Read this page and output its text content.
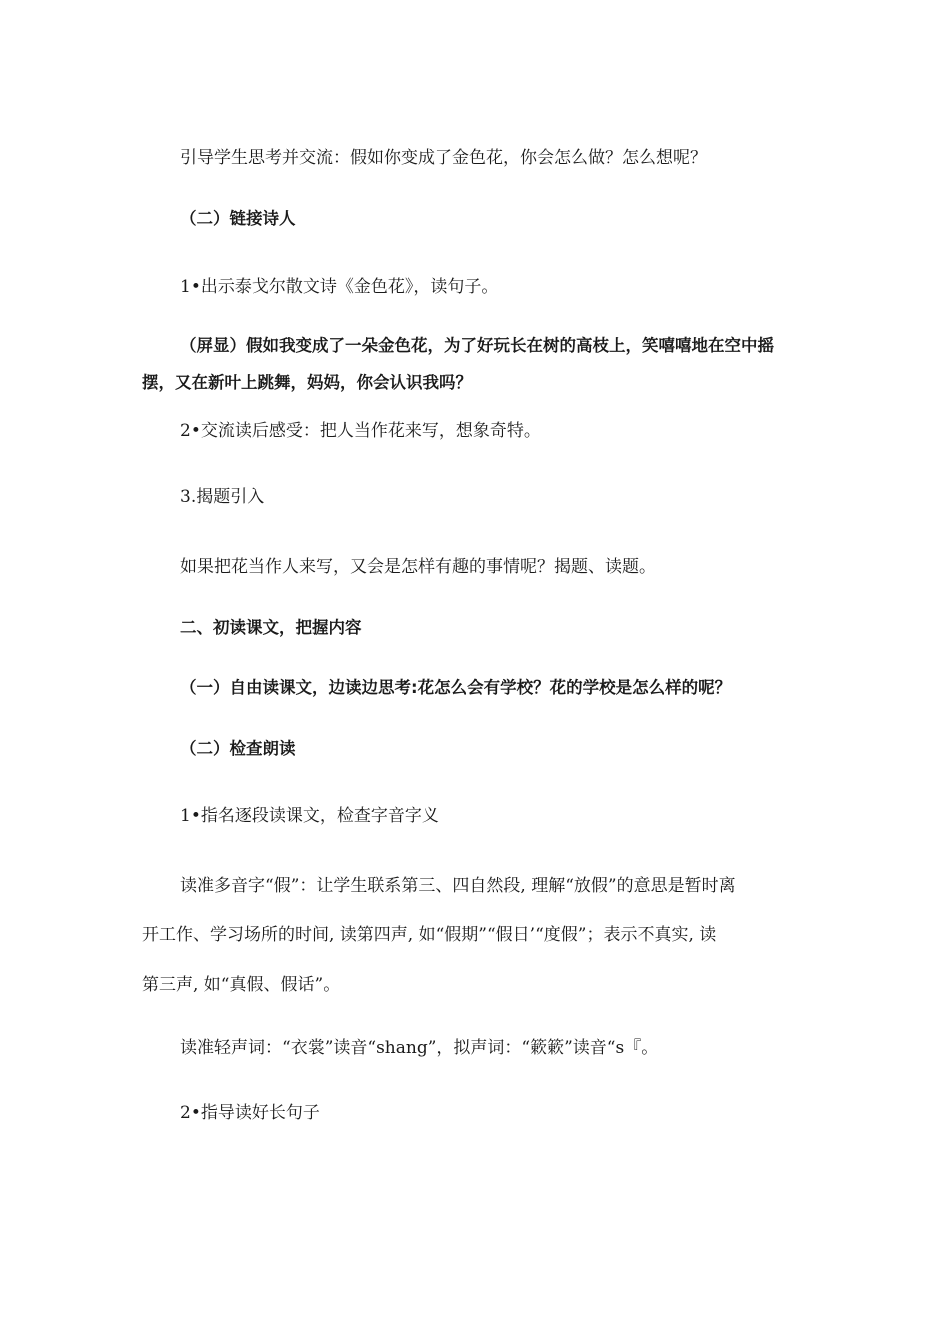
引导学生思考并交流：假如你变成了金色花，你会怎么做？怎么想呢？
（二）链接诗人
1•出示泰戈尔散文诗《金色花》，读句子。
（屏显）假如我变成了一朵金色花，为了好玩长在树的高枝上，笑嘻嘻地在空中摇
摆，又在新叶上跳舞，妈妈，你会认识我吗？
2•交流读后感受：把人当作花来写，想象奇特。
3.揭题引入
如果把花当作人来写，又会是怎样有趣的事情呢？揭题、读题。
二、初读课文，把握内容
（一）自由读课文，边读边思考:花怎么会有学校？花的学校是怎么样的呢？
（二）检查朗读
1•指名逐段读课文，检查字音字义
读准多音字“假”：让学生联系第三、四自然段, 理解“放假”的意思是暂时离
开工作、学习场所的时间, 读第四声, 如“假期”“假日’“度假”；表示不真实, 读
第三声, 如“真假、假话”。
读准轻声词：“衣裳”读音“shang”，拟声词：“簌簌”读音“s『。
2•指导读好长句子
